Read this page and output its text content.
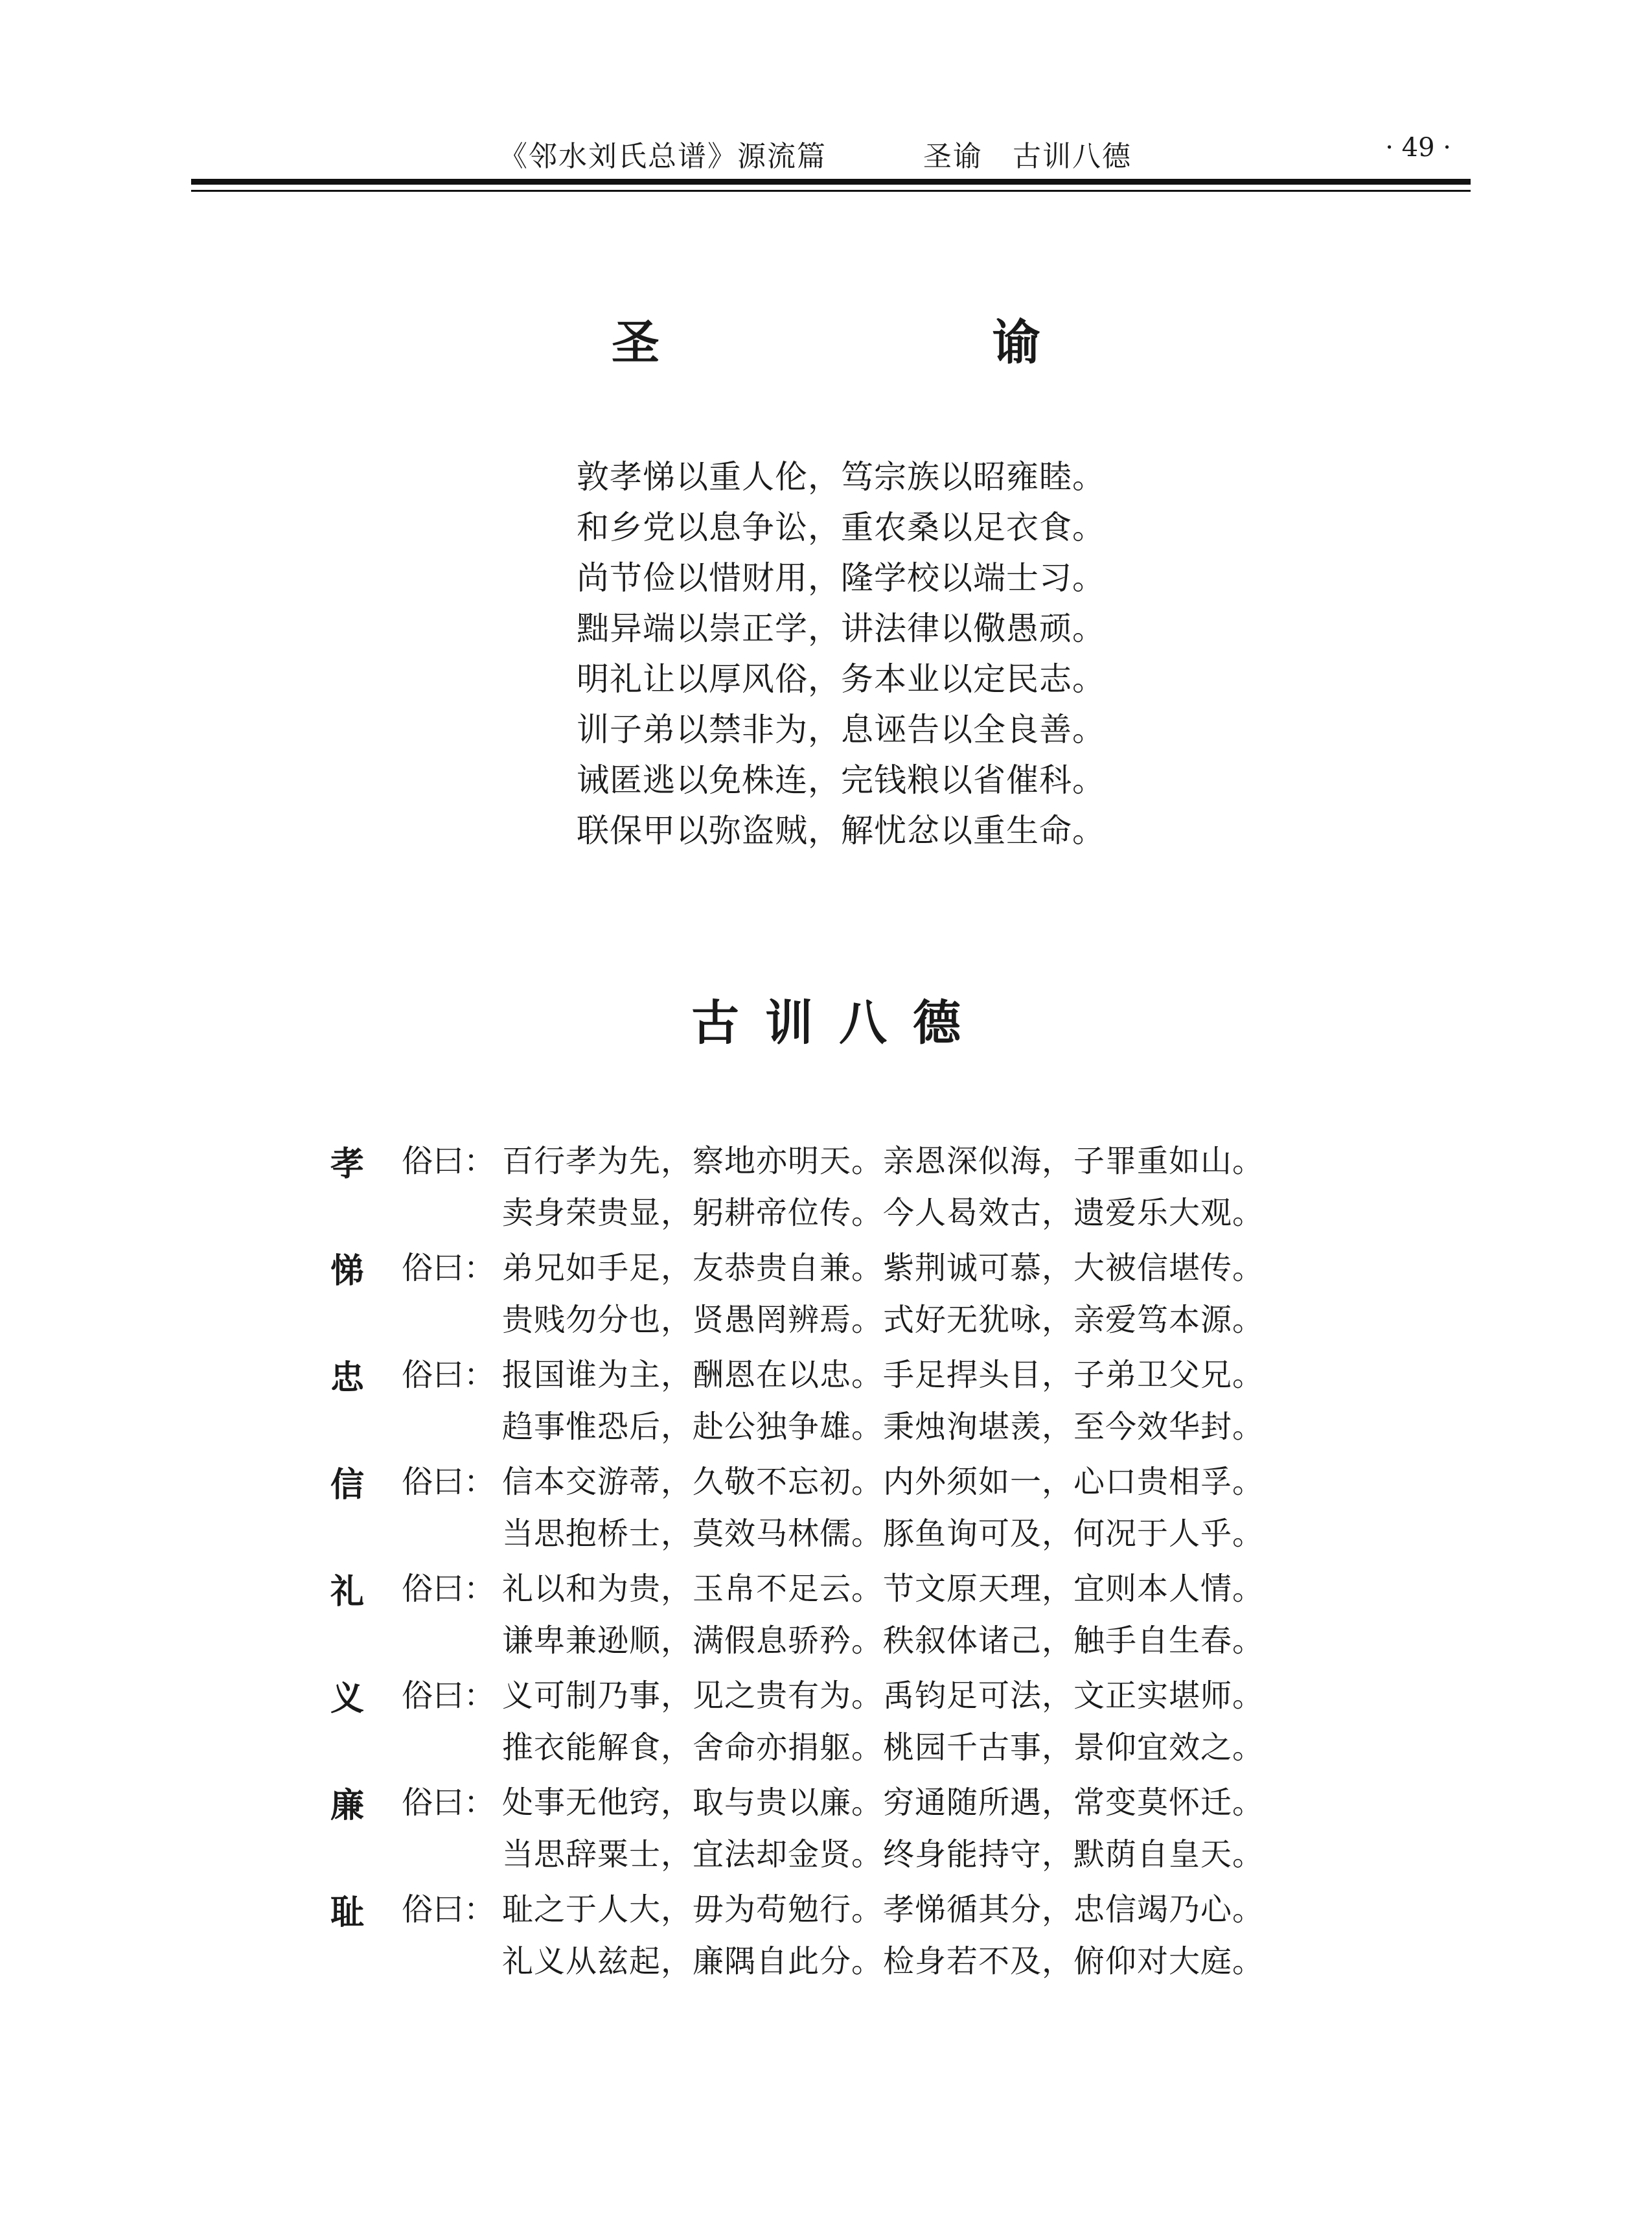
《邻水刘氏总谱》源流篇	圣谕　古训八德	· 49 ·
圣　谕
敦孝悌以重人伦，笃宗族以昭雍睦。
和乡党以息争讼，重农桑以足衣食。
尚节俭以惜财用，隆学校以端士习。
黜异端以崇正学，讲法律以儆愚顽。
明礼让以厚风俗，务本业以定民志。
训子弟以禁非为，息诬告以全良善。
诫匿逃以免株连，完钱粮以省催科。
联保甲以弥盗贼，解忧忿以重生命。
古训八德
孝 俗曰： 百行孝为先，察地亦明天。亲恩深似海，子罪重如山。
卖身荣贵显，躬耕帝位传。今人曷效古，遗爱乐大观。
悌 俗曰： 弟兄如手足，友恭贵自兼。紫荆诚可慕，大被信堪传。
贵贱勿分也，贤愚罔辨焉。式好无犹咏，亲爱笃本源。
忠 俗曰： 报国谁为主，酬恩在以忠。手足捍头目，子弟卫父兄。
趋事惟恐后，赴公独争雄。秉烛洵堪羡，至今效华封。
信 俗曰： 信本交游蒂，久敬不忘初。内外须如一，心口贵相孚。
当思抱桥士，莫效马林儒。豚鱼询可及，何况于人乎。
礼 俗曰： 礼以和为贵，玉帛不足云。节文原天理，宜则本人情。
谦卑兼逊顺，满假息骄矜。秩叙体诸己，触手自生春。
义 俗曰： 义可制乃事，见之贵有为。禹钧足可法，文正实堪师。
推衣能解食，舍命亦捐躯。桃园千古事，景仰宜效之。
廉 俗曰： 处事无他窍，取与贵以廉。穷通随所遇，常变莫怀迁。
当思辞粟士，宜法却金贤。终身能持守，默荫自皇天。
耻 俗曰： 耻之于人大，毋为苟勉行。孝悌循其分，忠信竭乃心。
礼义从兹起，廉隅自此分。检身若不及，俯仰对大庭。
